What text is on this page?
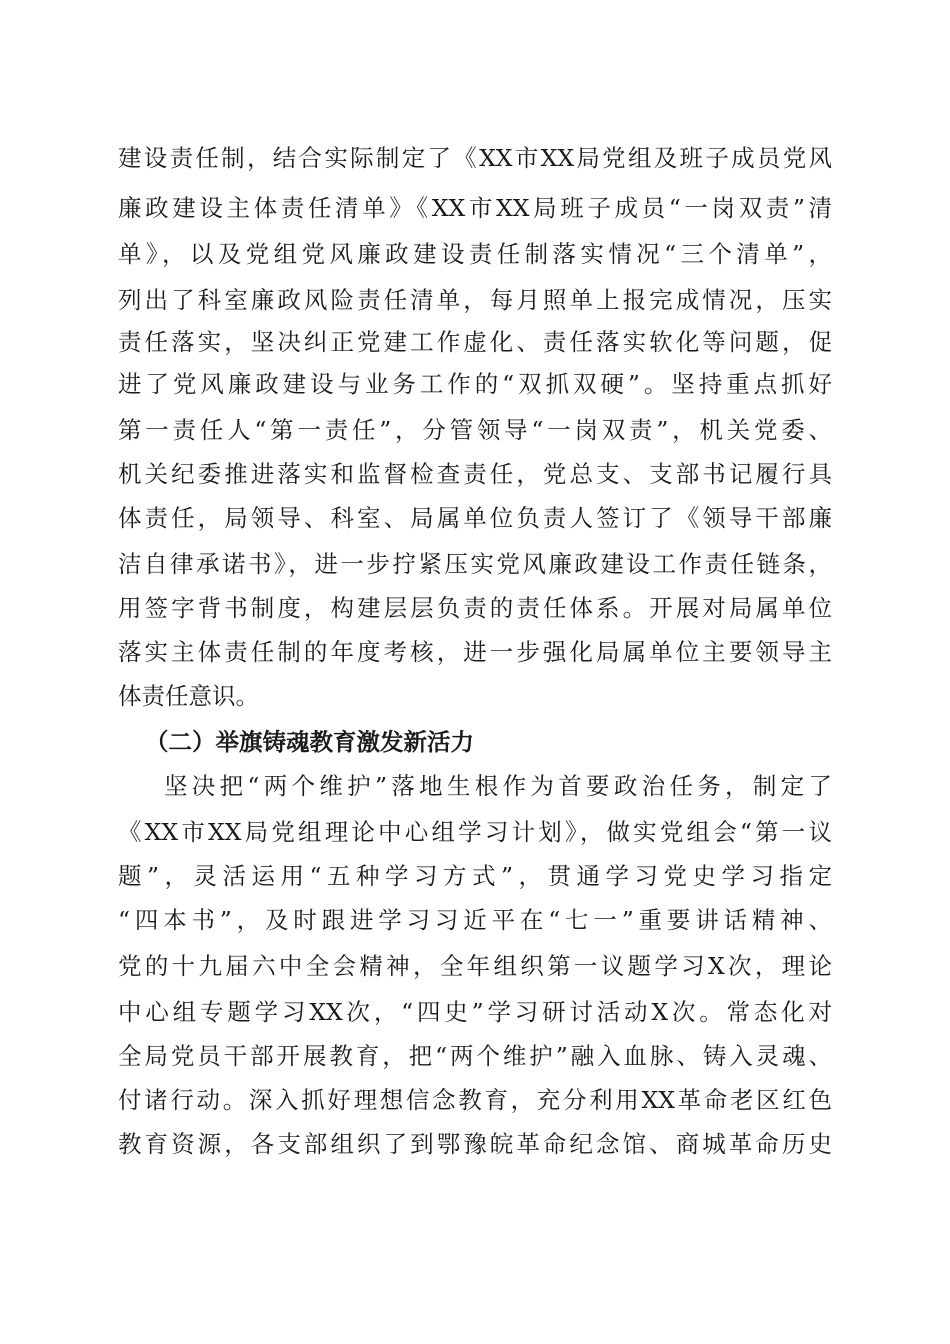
建设责任制，结合实际制定了《XX市XX局党组及班子成员党风
廉政建设主体责任清单》《XX市XX局班子成员“一岗双责”清
单》，以及党组党风廉政建设责任制落实情况“三个清单”，
列出了科室廉政风险责任清单，每月照单上报完成情况，压实
责任落实，坚决纠正党建工作虚化、责任落实软化等问题，促
进了党风廉政建设与业务工作的“双抓双硬”。坚持重点抓好
第一责任人“第一责任”，分管领导“一岗双责”，机关党委、
机关纪委推进落实和监督检查责任，党总支、支部书记履行具
体责任，局领导、科室、局属单位负责人签订了《领导干部廉
洁自律承诺书》，进一步拧紧压实党风廉政建设工作责任链条，
用签字背书制度，构建层层负责的责任体系。开展对局属单位
落实主体责任制的年度考核，进一步强化局属单位主要领导主
体责任意识。
（二）举旗铸魂教育激发新活力
坚决把“两个维护”落地生根作为首要政治任务，制定了
《XX市XX局党组理论中心组学习计划》，做实党组会“第一议
题”，灵活运用“五种学习方式”，贯通学习党史学习指定
“四本书”，及时跟进学习习近平在“七一”重要讲话精神、
党的十九届六中全会精神，全年组织第一议题学习X次，理论
中心组专题学习XX次，“四史”学习研讨活动X次。常态化对
全局党员干部开展教育，把“两个维护”融入血脉、铸入灵魂、
付诸行动。深入抓好理想信念教育，充分利用XX革命老区红色
教育资源，各支部组织了到鄂豫皖革命纪念馆、商城革命历史
